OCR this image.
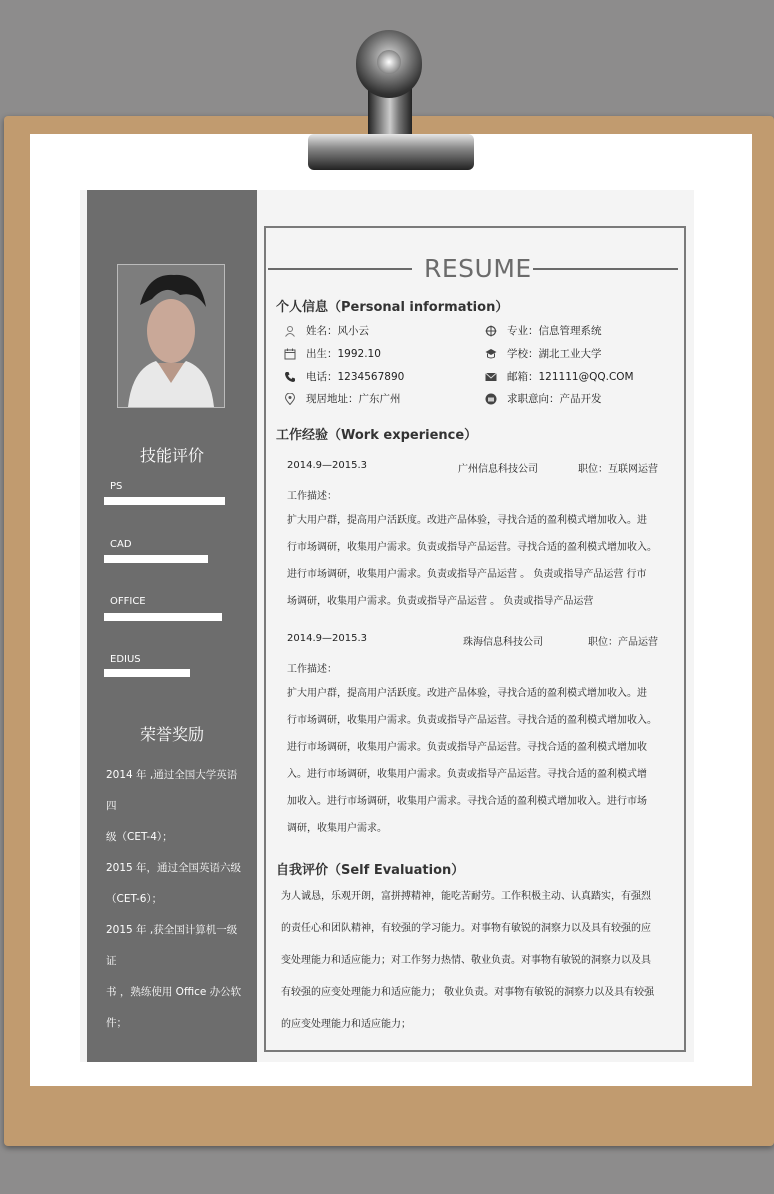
技能评价
PS
CAD
OFFICE
EDIUS
荣誉奖励

2014 年 ,通过全国大学英语四

级（CET-4）；

2015 年，通过全国英语六级

（CET-6）；

2015 年 ,获全国计算机一级证

书 ，熟练使用 Office 办公软

件；

RESUME
个人信息（Personal information）
姓名：风小云	专业：信息管理系统
出生：1992.10	学校：湖北工业大学
电话：1234567890	邮箱：121111@QQ.COM
现居地址：广东广州	求职意向：产品开发
工作经验（Work experience）
2014.9—2015.3	广州信息科技公司	职位：互联网运营
工作描述：

扩大用户群，提高用户活跃度。改进产品体验，寻找合适的盈利模式增加收入。进

行市场调研，收集用户需求。负责或指导产品运营。寻找合适的盈利模式增加收入。

进行市场调研，收集用户需求。负责或指导产品运营 。 负责或指导产品运营 行市

场调研，收集用户需求。负责或指导产品运营 。 负责或指导产品运营

2014.9—2015.3	珠海信息科技公司	职位：产品运营
工作描述：

扩大用户群，提高用户活跃度。改进产品体验，寻找合适的盈利模式增加收入。进

行市场调研，收集用户需求。负责或指导产品运营。寻找合适的盈利模式增加收入。

进行市场调研，收集用户需求。负责或指导产品运营。寻找合适的盈利模式增加收

入。进行市场调研，收集用户需求。负责或指导产品运营。寻找合适的盈利模式增

加收入。进行市场调研，收集用户需求。寻找合适的盈利模式增加收入。进行市场

调研，收集用户需求。

自我评价（Self Evaluation）

为人诚恳，乐观开朗，富拼搏精神，能吃苦耐劳。工作积极主动、认真踏实，有强烈

的责任心和团队精神，有较强的学习能力。对事物有敏锐的洞察力以及具有较强的应

变处理能力和适应能力；对工作努力热情、敬业负责。对事物有敏锐的洞察力以及具

有较强的应变处理能力和适应能力； 敬业负责。对事物有敏锐的洞察力以及具有较强

的应变处理能力和适应能力；
